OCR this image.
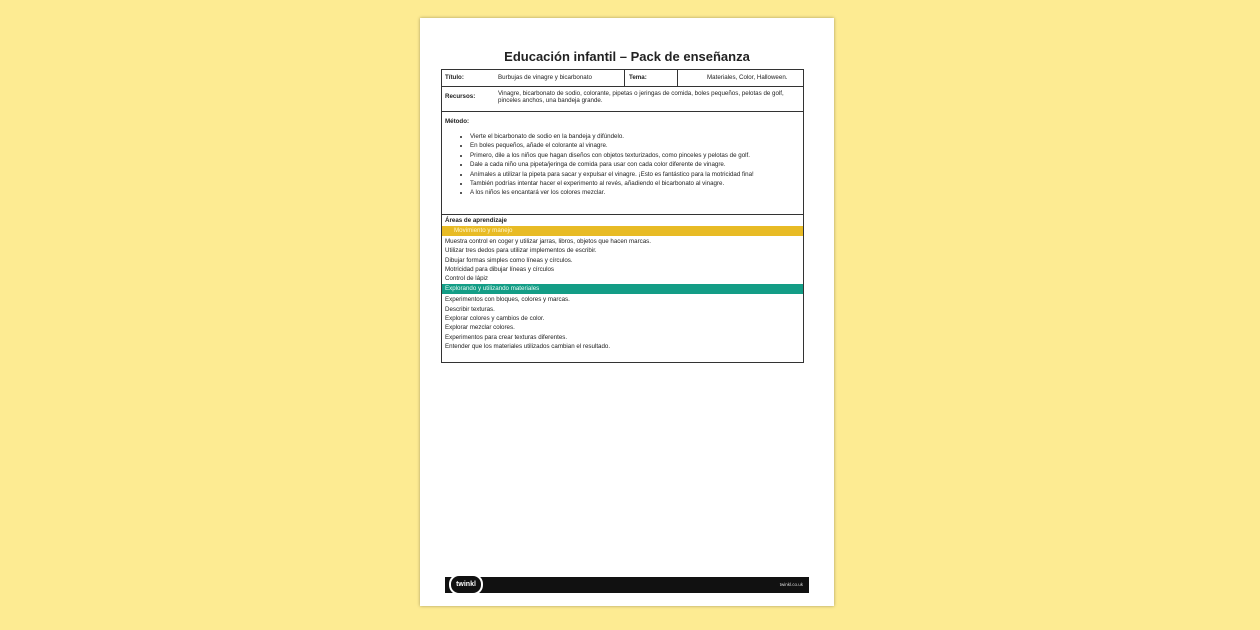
Educación infantil – Pack de enseñanza
Título:	Burbujas de vinagre y bicarbonato	Tema:	Materiales, Color, Halloween.
Recursos:	Vinagre, bicarbonato de sodio, colorante, pipetas o jeringas de comida, boles pequeños, pelotas de golf, pinceles anchos, una bandeja grande.
Método:
• Vierte el bicarbonato de sodio en la bandeja y difúndelo.
• En boles pequeños, añade el colorante al vinagre.
• Primero, dile a los niños que hagan diseños con objetos texturizados, como pinceles y pelotas de golf.
• Dale a cada niño una pipeta/jeringa de comida para usar con cada color diferente de vinagre.
• Anímales a utilizar la pipeta para sacar y expulsar el vinagre. ¡Esto es fantástico para la motricidad fina!
• También podrías intentar hacer el experimento al revés, añadiendo el bicarbonato al vinagre.
• A los niños les encantará ver los colores mezclar.
Áreas de aprendizaje
Movimiento y manejo
Muestra control en coger y utilizar jarras, libros, objetos que hacen marcas.
Utilizar tres dedos para utilizar implementos de escribir.
Dibujar formas simples como líneas y círculos.
Motricidad para dibujar líneas y círculos
Control de lápiz
Explorando y utilizando materiales
Experimentos con bloques, colores y marcas.
Describir texturas.
Explorar colores y cambios de color.
Explorar mezclar colores.
Experimentos para crear texturas diferentes.
Entender que los materiales utilizados cambian el resultado.
twinkl	twinkl.co.uk
